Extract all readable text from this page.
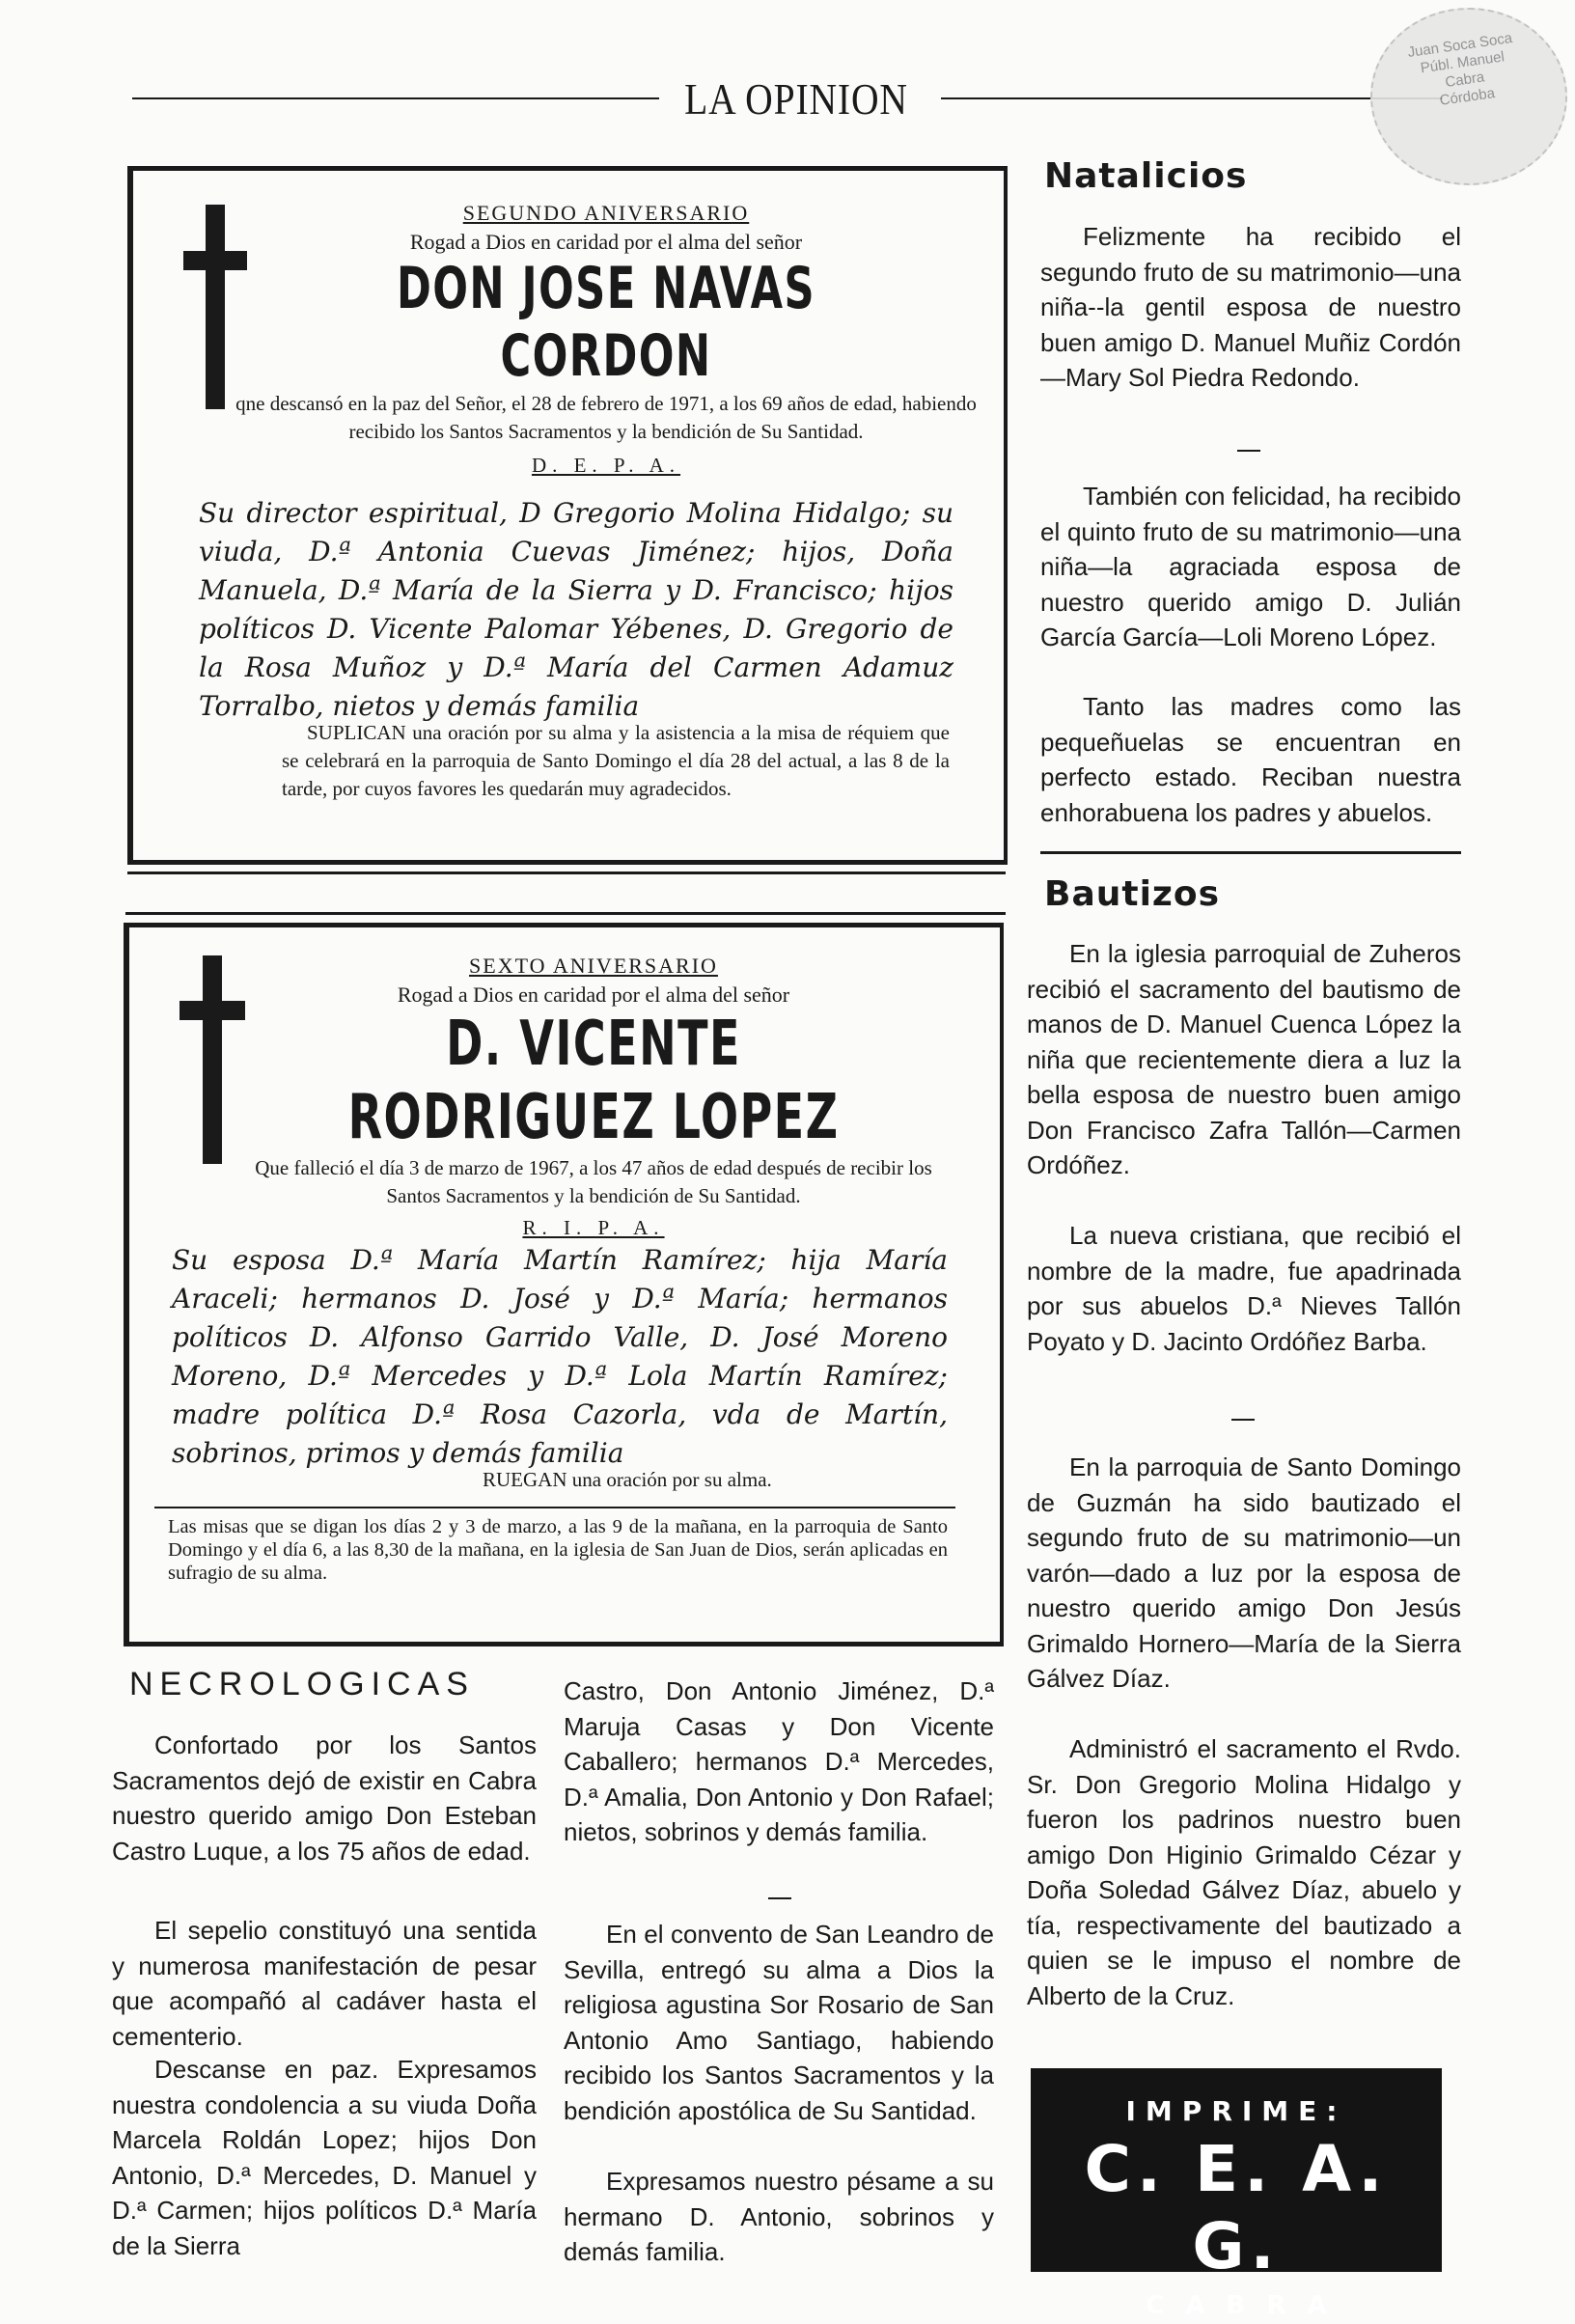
LA OPINION
Juan Soca Soca
Públ. Manuel
Cabra
Córdoba
SEGUNDO ANIVERSARIO
Rogad a Dios en caridad por el alma del señor
DON JOSE NAVAS CORDON
qne descansó en la paz del Señor, el 28 de febrero de 1971, a los 69 años de edad, habiendo recibido los Santos Sacramentos y la bendición de Su Santidad.
D. E. P. A.
Su director espiritual, D Gregorio Molina Hidalgo; su viuda, D.ª Antonia Cuevas Jiménez; hijos, Doña Manuela, D.ª María de la Sierra y D. Francisco; hijos políticos D. Vicente Palomar Yébenes, D. Gregorio de la Rosa Muñoz y D.ª María del Carmen Adamuz Torralbo, nietos y demás familia
SUPLICAN una oración por su alma y la asistencia a la misa de réquiem que se celebrará en la parroquia de Santo Domingo el día 28 del actual, a las 8 de la tarde, por cuyos favores les quedarán muy agradecidos.
SEXTO ANIVERSARIO
Rogad a Dios en caridad por el alma del señor
D. VICENTE RODRIGUEZ LOPEZ
Que falleció el día 3 de marzo de 1967, a los 47 años de edad después de recibir los Santos Sacramentos y la bendición de Su Santidad.
R. I. P. A.
Su esposa D.ª María Martín Ramírez; hija María Araceli; hermanos D. José y D.ª María; hermanos políticos D. Alfonso Garrido Valle, D. José Moreno Moreno, D.ª Mercedes y D.ª Lola Martín Ramírez; madre política D.ª Rosa Cazorla, vda de Martín, sobrinos, primos y demás familia
RUEGAN una oración por su alma.
Las misas que se digan los días 2 y 3 de marzo, a las 9 de la mañana, en la parroquia de Santo Domingo y el día 6, a las 8,30 de la mañana, en la iglesia de San Juan de Dios, serán aplicadas en sufragio de su alma.
Natalicios
Felizmente ha recibido el segundo fruto de su matrimonio—una niña--la gentil esposa de nuestro buen amigo D. Manuel Muñiz Cordón—Mary Sol Piedra Redondo.
También con felicidad, ha recibido el quinto fruto de su matrimonio—una niña—la agraciada esposa de nuestro querido amigo D. Julián García García—Loli Moreno López.
Tanto las madres como las pequeñuelas se encuentran en perfecto estado. Reciban nuestra enhorabuena los padres y abuelos.
Bautizos
En la iglesia parroquial de Zuheros recibió el sacramento del bautismo de manos de D. Manuel Cuenca López la niña que recientemente diera a luz la bella esposa de nuestro buen amigo Don Francisco Zafra Tallón—Carmen Ordóñez.
La nueva cristiana, que recibió el nombre de la madre, fue apadrinada por sus abuelos D.ª Nieves Tallón Poyato y D. Jacinto Ordóñez Barba.
En la parroquia de Santo Domingo de Guzmán ha sido bautizado el segundo fruto de su matrimonio—un varón—dado a luz por la esposa de nuestro querido amigo Don Jesús Grimaldo Hornero—María de la Sierra Gálvez Díaz.
Administró el sacramento el Rvdo. Sr. Don Gregorio Molina Hidalgo y fueron los padrinos nuestro buen amigo Don Higinio Grimaldo Cézar y Doña Soledad Gálvez Díaz, abuelo y tía, respectivamente del bautizado a quien se le impuso el nombre de Alberto de la Cruz.
IMPRIME:
C. E. A. G.
CABRA
NECROLOGICAS
Confortado por los Santos Sacramentos dejó de existir en Cabra nuestro querido amigo Don Esteban Castro Luque, a los 75 años de edad.
El sepelio constituyó una sentida y numerosa manifestación de pesar que acompañó al cadáver hasta el cementerio.
Descanse en paz. Expresamos nuestra condolencia a su viuda Doña Marcela Roldán Lopez; hijos Don Antonio, D.ª Mercedes, D. Manuel y D.ª Carmen; hijos políticos D.ª María de la Sierra
Castro, Don Antonio Jiménez, D.ª Maruja Casas y Don Vicente Caballero; hermanos D.ª Mercedes, D.ª Amalia, Don Antonio y Don Rafael; nietos, sobrinos y demás familia.
En el convento de San Leandro de Sevilla, entregó su alma a Dios la religiosa agustina Sor Rosario de San Antonio Amo Santiago, habiendo recibido los Santos Sacramentos y la bendición apostólica de Su Santidad.
Expresamos nuestro pésame a su hermano D. Antonio, sobrinos y demás familia.
